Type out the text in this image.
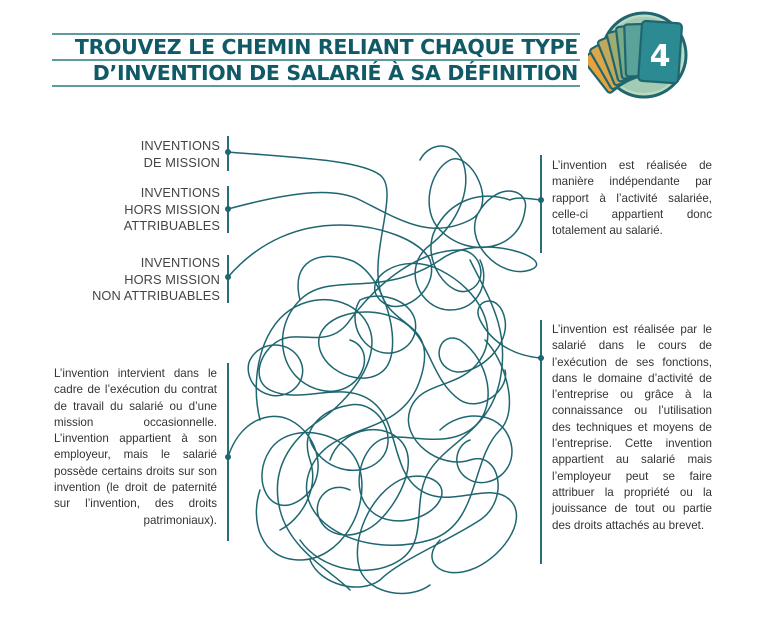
TROUVEZ LE CHEMIN RELIANT CHAQUE TYPE
D’INVENTION DE SALARIÉ À SA DÉFINITION 4
INVENTIONS
DE MISSION
INVENTIONS
HORS MISSION
ATTRIBUABLES
INVENTIONS
HORS MISSION
NON ATTRIBUABLES
L’invention est réalisée de manière indépendante par rapport à l’activité salariée, celle-ci appartient donc totalement au salarié.
L’invention intervient dans le cadre de l’exécution du contrat de travail du salarié ou d’une mission occasionnelle. L’invention appartient à son employeur, mais le salarié possède certains droits sur son invention (le droit de paternité sur l’invention, des droits patrimoniaux).
L’invention est réalisée par le salarié dans le cours de l’exécution de ses fonctions, dans le domaine d’activité de l’entreprise ou grâce à la connaissance ou l’utilisation des techniques et moyens de l’entreprise. Cette invention appartient au salarié mais l’employeur peut se faire attribuer la propriété ou la jouissance de tout ou partie des droits attachés au brevet.
